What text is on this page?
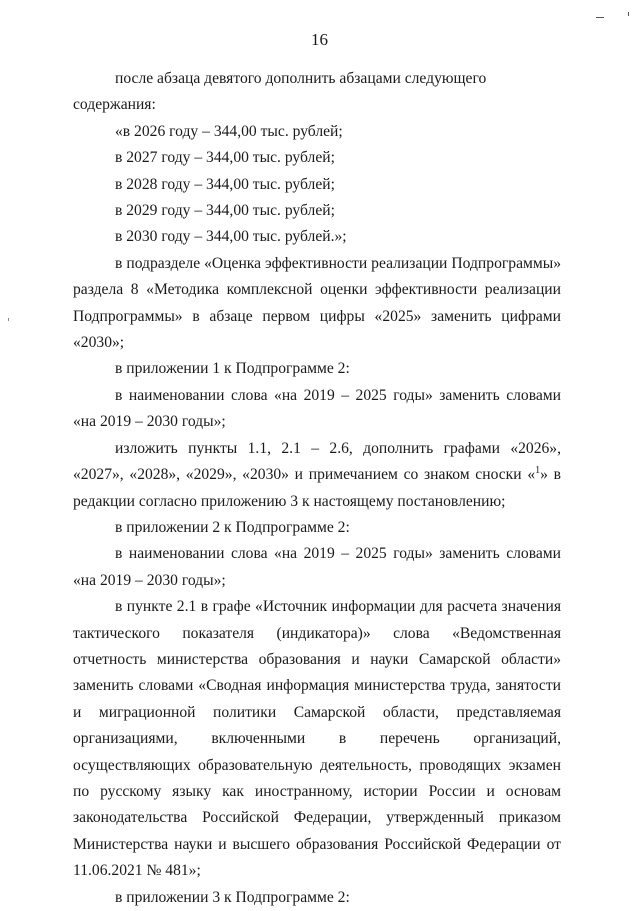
16

после абзаца девятого дополнить абзацами следующего содержания:

«в 2026 году – 344,00 тыс. рублей;

в 2027 году – 344,00 тыс. рублей;

в 2028 году – 344,00 тыс. рублей;

в 2029 году – 344,00 тыс. рублей;

в 2030 году – 344,00 тыс. рублей.»;

в подразделе «Оценка эффективности реализации Подпрограммы» раздела 8 «Методика комплексной оценки эффективности реализации Подпрограммы» в абзаце первом цифры «2025» заменить цифрами «2030»;

в приложении 1 к Подпрограмме 2:

в наименовании слова «на 2019 – 2025 годы» заменить словами «на 2019 – 2030 годы»;

изложить пункты 1.1, 2.1 – 2.6, дополнить графами «2026», «2027», «2028», «2029», «2030» и примечанием со знаком сноски «$^1$» в редакции согласно приложению 3 к настоящему постановлению;

в приложении 2 к Подпрограмме 2:

в наименовании слова «на 2019 – 2025 годы» заменить словами «на 2019 – 2030 годы»;

в пункте 2.1 в графе «Источник информации для расчета значения тактического показателя (индикатора)» слова «Ведомственная отчетность министерства образования и науки Самарской области» заменить словами «Сводная информация министерства труда, занятости и миграционной политики Самарской области, представляемая организациями, включенными в перечень организаций, осуществляющих образовательную деятельность, проводящих экзамен по русскому языку как иностранному, истории России и основам законодательства Российской Федерации, утвержденный приказом Министерства науки и высшего образования Российской Федерации от 11.06.2021 № 481»;

в приложении 3 к Подпрограмме 2:
